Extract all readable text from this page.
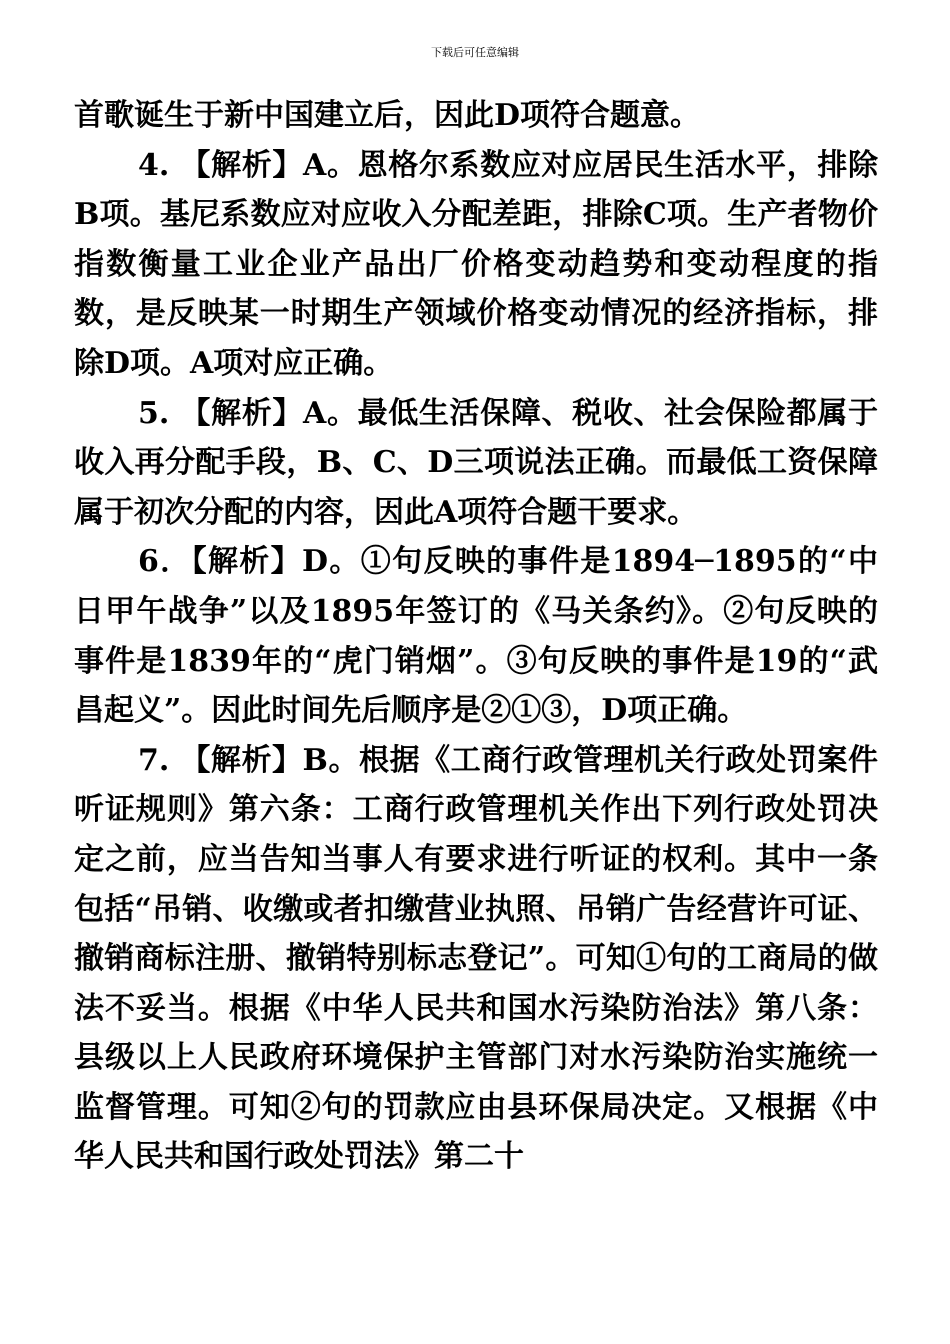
下载后可任意编辑

首歌诞生于新中国建立后，因此D项符合题意。

4. 【解析】A。恩格尔系数应对应居民生活水平，排除B项。基尼系数应对应收入分配差距，排除C项。生产者物价指数衡量工业企业产品出厂价格变动趋势和变动程度的指数，是反映某一时期生产领域价格变动情况的经济指标，排除D项。A项对应正确。

5. 【解析】A。最低生活保障、税收、社会保险都属于收入再分配手段，B、C、D三项说法正确。而最低工资保障属于初次分配的内容，因此A项符合题干要求。

6．【解析】D。①句反映的事件是1894─1895的“中日甲午战争”以及1895年签订的《马关条约》。②句反映的事件是1839年的“虎门销烟”。③句反映的事件是19的“武昌起义”。因此时间先后顺序是②①③，D项正确。

7. 【解析】B。根据《工商行政管理机关行政处罚案件听证规则》第六条：工商行政管理机关作出下列行政处罚决定之前，应当告知当事人有要求进行听证的权利。其中一条包括“吊销、收缴或者扣缴营业执照、吊销广告经营许可证、撤销商标注册、撤销特别标志登记”。可知①句的工商局的做法不妥当。根据《中华人民共和国水污染防治法》第八条：县级以上人民政府环境保护主管部门对水污染防治实施统一监督管理。可知②句的罚款应由县环保局决定。又根据《中华人民共和国行政处罚法》第二十
